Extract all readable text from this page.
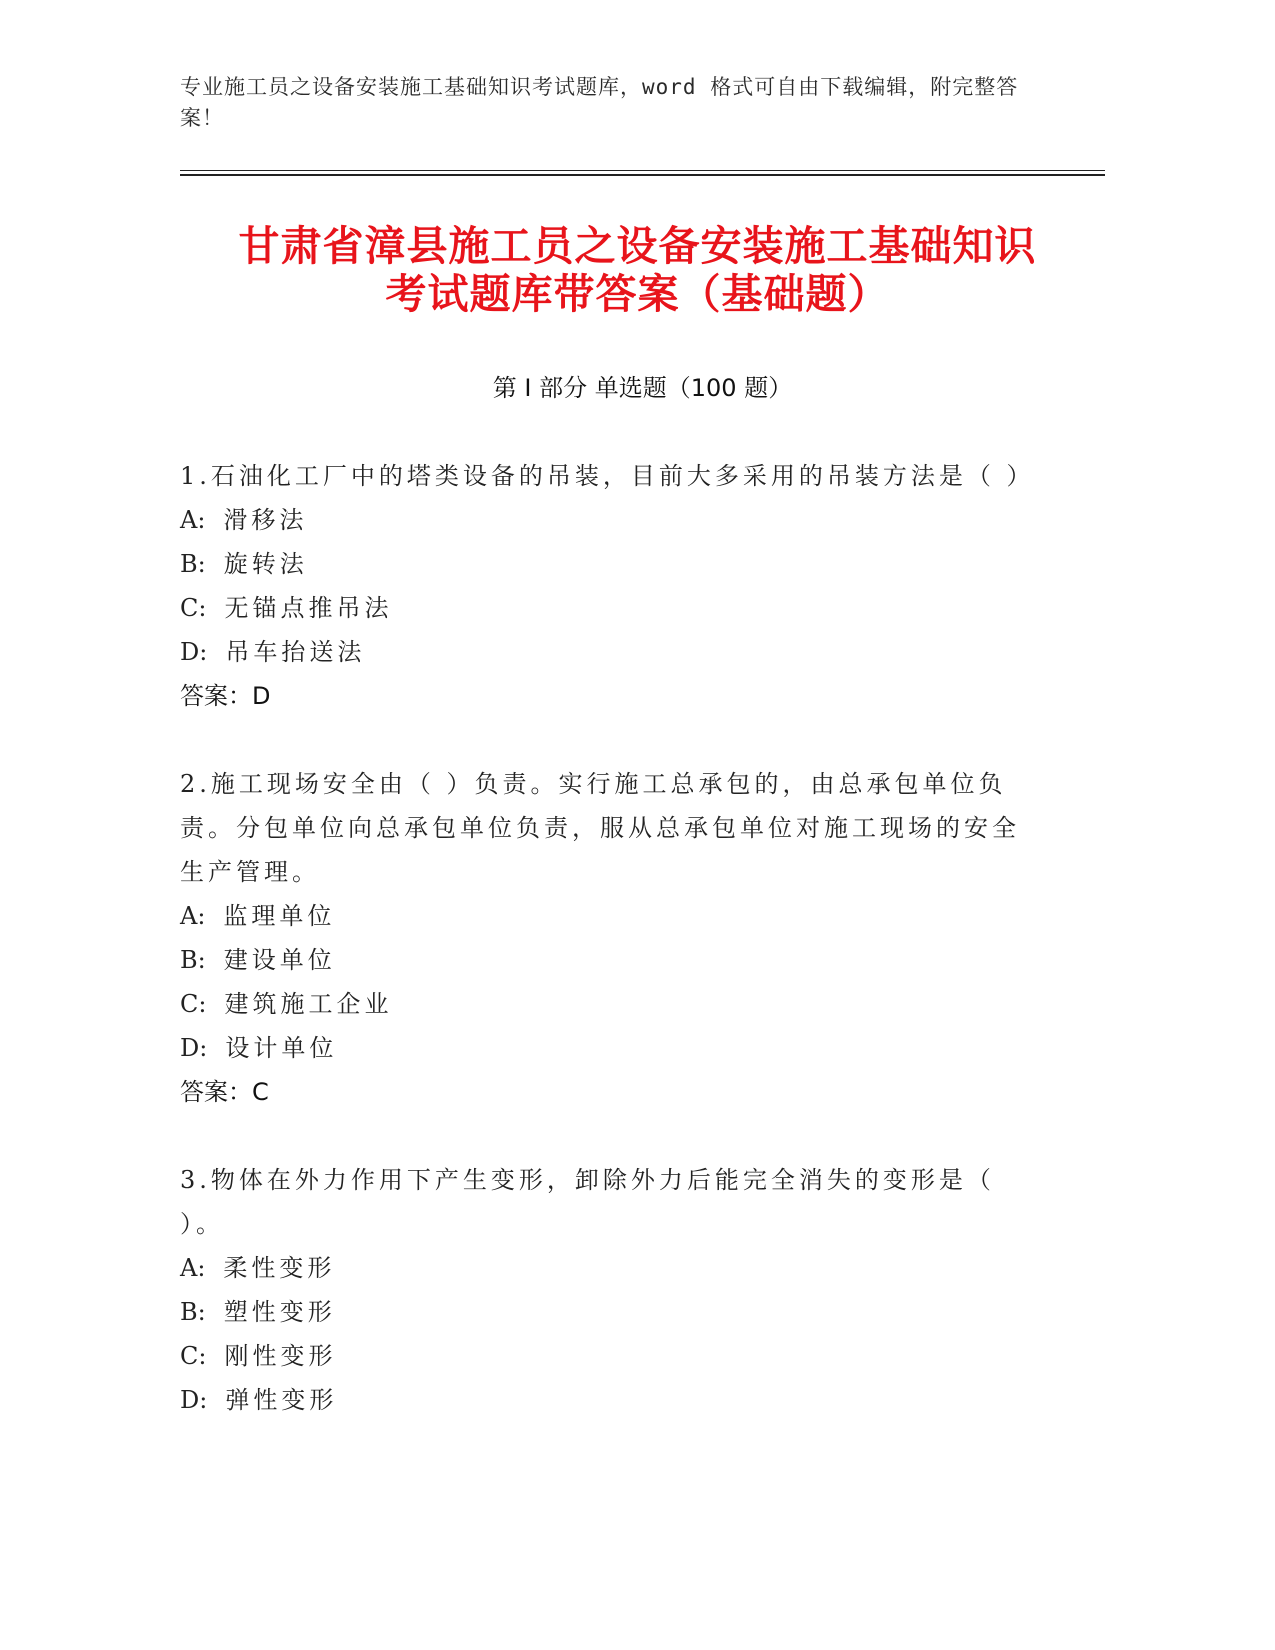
专业施工员之设备安装施工基础知识考试题库，word 格式可自由下载编辑，附完整答案！
甘肃省漳县施工员之设备安装施工基础知识
考试题库带答案（基础题）
第 I 部分 单选题（100 题）

1.石油化工厂中的塔类设备的吊装，目前大多采用的吊装方法是（ ）

A: 滑移法

B: 旋转法

C: 无锚点推吊法

D: 吊车抬送法

答案：D

2.施工现场安全由（ ）负责。实行施工总承包的，由总承包单位负责。分包单位向总承包单位负责，服从总承包单位对施工现场的安全生产管理。

A: 监理单位

B: 建设单位

C: 建筑施工企业

D: 设计单位

答案：C

3.物体在外力作用下产生变形，卸除外力后能完全消失的变形是（ ）。

A: 柔性变形

B: 塑性变形

C: 刚性变形

D: 弹性变形
